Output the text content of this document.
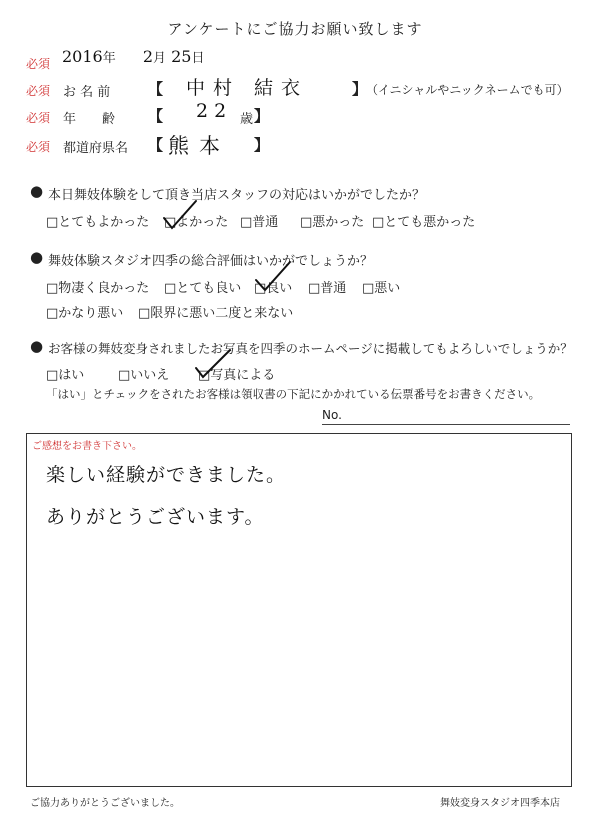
アンケートにご協力お願い致します
必須 2016年 2月 25日
必須 お 名 前	【 中村 結衣	】
（イニシャルやニックネームでも可）
必須 年　　齢 【 22 歳 】
必須 都道府県名 【 熊本 】
● 本日舞妓体験をして頂き当店スタッフの対応はいかがでしたか？
□とてもよかった □よかった □普通 □悪かった □とても悪かった
● 舞妓体験スタジオ四季の総合評価はいかがでしょうか？
□物凄く良かった □とても良い □良い □普通 □悪い
□かなり悪い □限界に悪い二度と来ない
● お客様の舞妓変身されましたお写真を四季のホームページに掲載してもよろしいでしょうか？
□はい	□いいえ □写真による
「はい」とチェックをされたお客様は領収書の下記にかかれている伝票番号をお書きください。
No.
ご感想をお書き下さい。
楽しい経験ができました。
ありがとうございます。
ご協力ありがとうございました。	舞妓変身スタジオ四季本店
